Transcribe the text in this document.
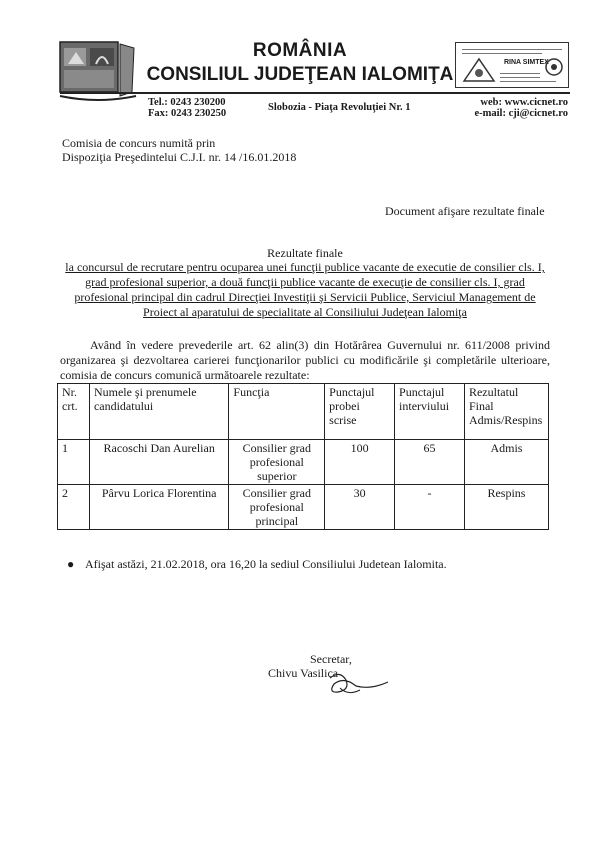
ROMÂNIA
CONSILIUL JUDEŢEAN IALOMIŢA
RINA SIMTEX
Tel.: 0243 230200
Fax: 0243 230250
Slobozia - Piaţa Revoluţiei Nr. 1	web: www.cicnet.ro
e-mail: cji@cicnet.ro
Comisia de concurs numită prin
Dispoziţia Preşedintelui C.J.I. nr. 14 /16.01.2018
Document afişare rezultate finale
Rezultate finale
la concursul de recrutare pentru ocuparea unei funcţii publice vacante de executie de consilier cls. I, grad profesional superior, a două funcţii publice vacante de execuţie de consilier cls. I, grad profesional principal din cadrul Direcţiei Investiţii şi Servicii Publice, Serviciul Management de Proiect al aparatului de specialitate al Consiliului Judeţean Ialomiţa
Având în vedere prevederile art. 62 alin(3) din Hotărârea Guvernului nr. 611/2008 privind organizarea şi dezvoltarea carierei funcţionarilor publici cu modificările şi completările ulterioare, comisia de concurs comunică următoarele rezultate:
Nr. crt.	Numele şi prenumele candidatului	Funcţia	Punctajul probei scrise	Punctajul interviului	Rezultatul Final Admis/Respins
1	Racoschi Dan Aurelian	Consilier grad profesional superior	100	65	Admis
2	Pârvu Lorica Florentina	Consilier grad profesional principal	30	-	Respins
● Afişat astăzi, 21.02.2018, ora 16,20 la sediul Consiliului Judetean Ialomita.
Secretar,
Chivu Vasilica
